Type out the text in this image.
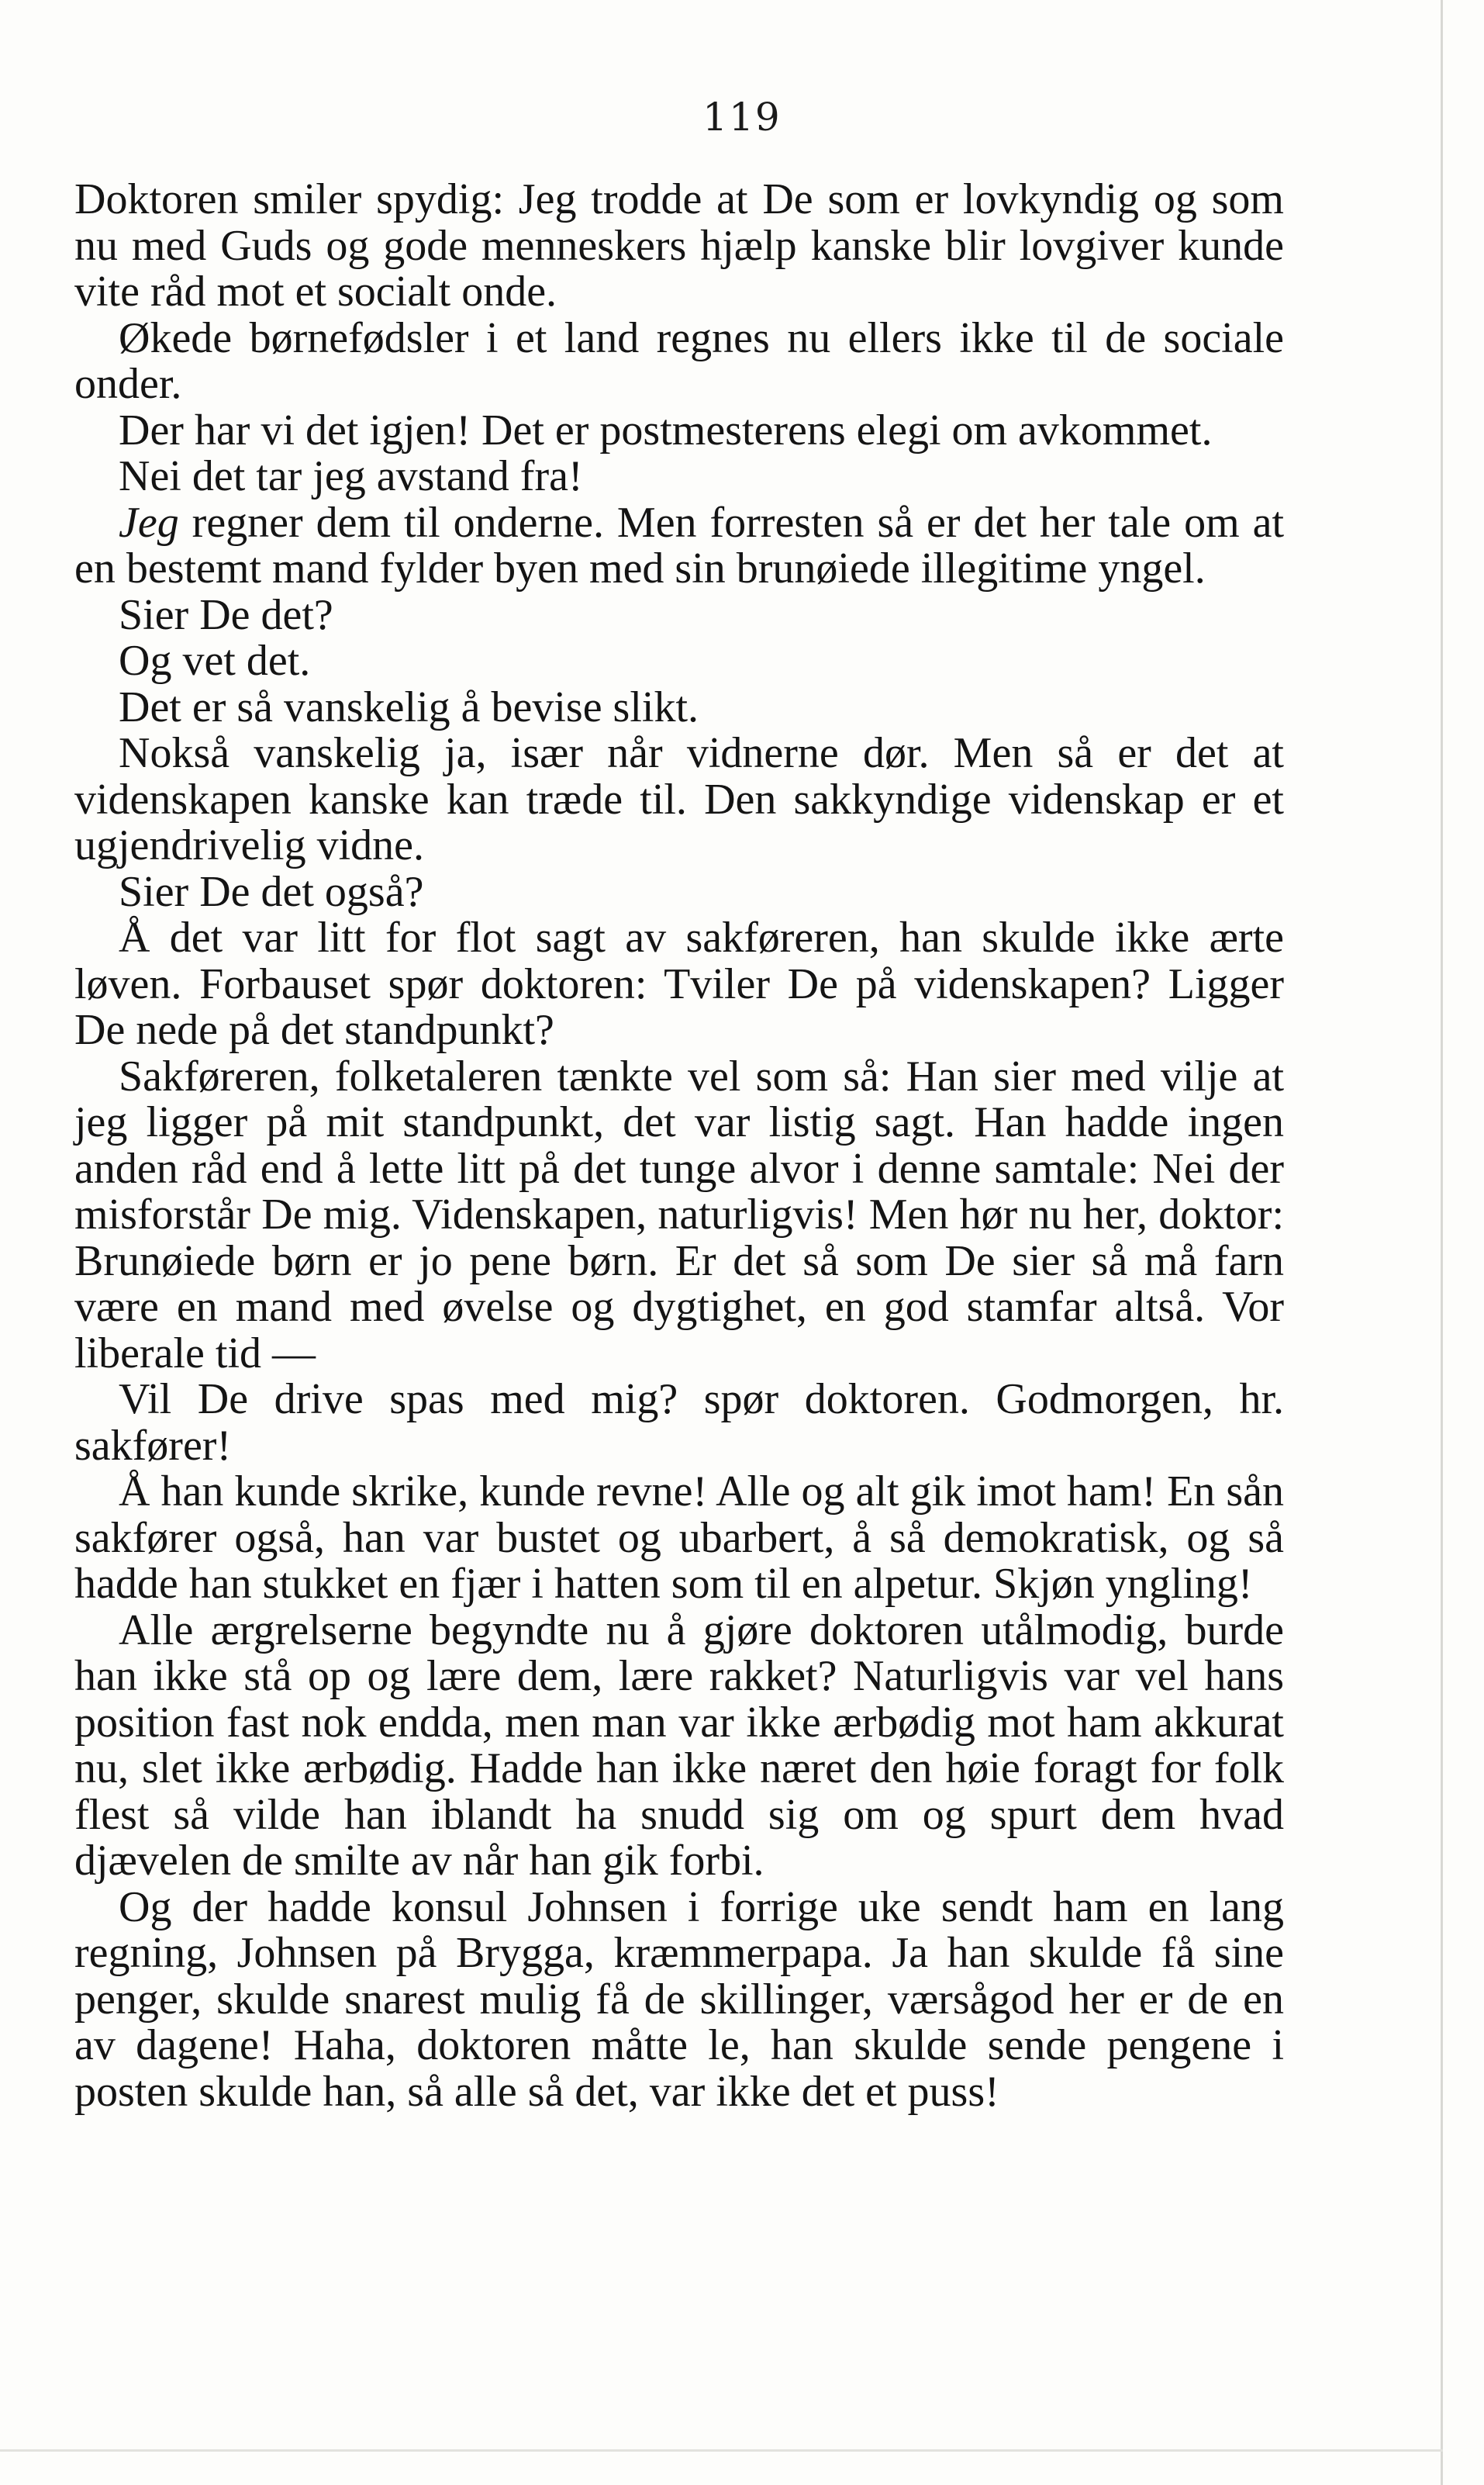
119

Doktoren smiler spydig: Jeg trodde at De som er lovkyndig og som nu med Guds og gode menneskers hjælp kanske blir lovgiver kunde vite råd mot et socialt onde.

Økede børnefødsler i et land regnes nu ellers ikke til de sociale onder.

Der har vi det igjen! Det er postmesterens elegi om avkommet.

Nei det tar jeg avstand fra!

Jeg regner dem til onderne. Men forresten så er det her tale om at en bestemt mand fylder byen med sin brunøiede illegitime yngel.

Sier De det?

Og vet det.

Det er så vanskelig å bevise slikt.

Nokså vanskelig ja, især når vidnerne dør. Men så er det at videnskapen kanske kan træde til. Den sakkyndige videnskap er et ugjendrivelig vidne.

Sier De det også?

Å det var litt for flot sagt av sakføreren, han skulde ikke ærte løven. Forbauset spør doktoren: Tviler De på videnskapen? Ligger De nede på det standpunkt?

Sakføreren, folketaleren tænkte vel som så: Han sier med vilje at jeg ligger på mit standpunkt, det var listig sagt. Han hadde ingen anden råd end å lette litt på det tunge alvor i denne samtale: Nei der misforstår De mig. Videnskapen, naturligvis! Men hør nu her, doktor: Brunøiede børn er jo pene børn. Er det så som De sier så må farn være en mand med øvelse og dygtighet, en god stamfar altså. Vor liberale tid —

Vil De drive spas med mig? spør doktoren. Godmorgen, hr. sakfører!

Å han kunde skrike, kunde revne! Alle og alt gik imot ham! En sån sakfører også, han var bustet og ubarbert, å så demokratisk, og så hadde han stukket en fjær i hatten som til en alpetur. Skjøn yngling!

Alle ærgrelserne begyndte nu å gjøre doktoren utålmodig, burde han ikke stå op og lære dem, lære rakket? Naturligvis var vel hans position fast nok endda, men man var ikke ærbødig mot ham akkurat nu, slet ikke ærbødig. Hadde han ikke næret den høie foragt for folk flest så vilde han iblandt ha snudd sig om og spurt dem hvad djævelen de smilte av når han gik forbi.

Og der hadde konsul Johnsen i forrige uke sendt ham en lang regning, Johnsen på Brygga, kræmmerpapa. Ja han skulde få sine penger, skulde snarest mulig få de skillinger, værsågod her er de en av dagene! Haha, doktoren måtte le, han skulde sende pengene i posten skulde han, så alle så det, var ikke det et puss!
